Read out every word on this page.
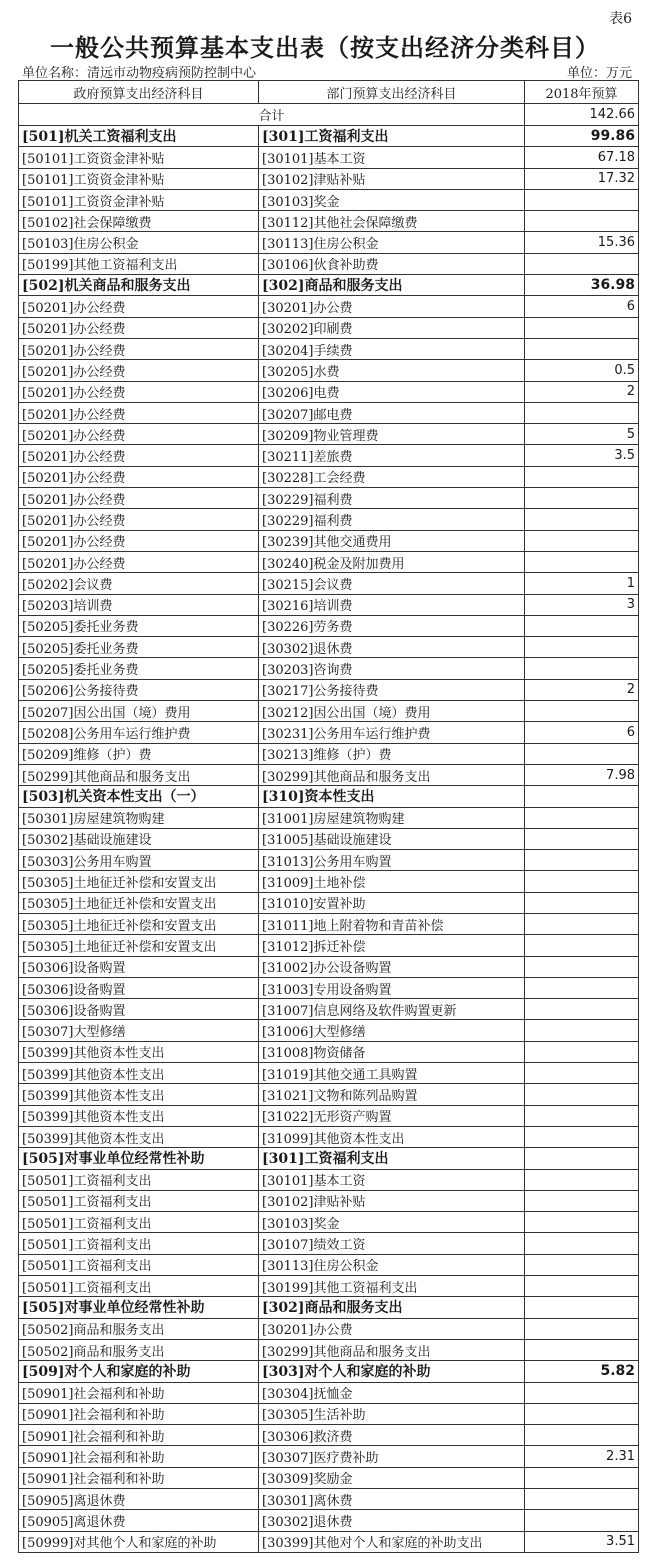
表6
一般公共预算基本支出表（按支出经济分类科目）
单位名称：清远市动物疫病预防控制中心	单位：万元
政府预算支出经济科目	部门预算支出经济科目	2018年预算
合计		142.66
[501]机关工资福利支出	[301]工资福利支出	99.86
[50101]工资资金津补贴	[30101]基本工资	67.18
[50101]工资资金津补贴	[30102]津贴补贴	17.32
[50101]工资资金津补贴	[30103]奖金	
[50102]社会保障缴费	[30112]其他社会保障缴费	
[50103]住房公积金	[30113]住房公积金	15.36
[50199]其他工资福利支出	[30106]伙食补助费	
[502]机关商品和服务支出	[302]商品和服务支出	36.98
[50201]办公经费	[30201]办公费	6
[50201]办公经费	[30202]印刷费	
[50201]办公经费	[30204]手续费	
[50201]办公经费	[30205]水费	0.5
[50201]办公经费	[30206]电费	2
[50201]办公经费	[30207]邮电费	
[50201]办公经费	[30209]物业管理费	5
[50201]办公经费	[30211]差旅费	3.5
[50201]办公经费	[30228]工会经费	
[50201]办公经费	[30229]福利费	
[50201]办公经费	[30229]福利费	
[50201]办公经费	[30239]其他交通费用	
[50201]办公经费	[30240]税金及附加费用	
[50202]会议费	[30215]会议费	1
[50203]培训费	[30216]培训费	3
[50205]委托业务费	[30226]劳务费	
[50205]委托业务费	[30302]退休费	
[50205]委托业务费	[30203]咨询费	
[50206]公务接待费	[30217]公务接待费	2
[50207]因公出国（境）费用	[30212]因公出国（境）费用	
[50208]公务用车运行维护费	[30231]公务用车运行维护费	6
[50209]维修（护）费	[30213]维修（护）费	
[50299]其他商品和服务支出	[30299]其他商品和服务支出	7.98
[503]机关资本性支出（一）	[310]资本性支出	
[50301]房屋建筑物购建	[31001]房屋建筑物购建	
[50302]基础设施建设	[31005]基础设施建设	
[50303]公务用车购置	[31013]公务用车购置	
[50305]土地征迁补偿和安置支出	[31009]土地补偿	
[50305]土地征迁补偿和安置支出	[31010]安置补助	
[50305]土地征迁补偿和安置支出	[31011]地上附着物和青苗补偿	
[50305]土地征迁补偿和安置支出	[31012]拆迁补偿	
[50306]设备购置	[31002]办公设备购置	
[50306]设备购置	[31003]专用设备购置	
[50306]设备购置	[31007]信息网络及软件购置更新	
[50307]大型修缮	[31006]大型修缮	
[50399]其他资本性支出	[31008]物资储备	
[50399]其他资本性支出	[31019]其他交通工具购置	
[50399]其他资本性支出	[31021]文物和陈列品购置	
[50399]其他资本性支出	[31022]无形资产购置	
[50399]其他资本性支出	[31099]其他资本性支出	
[505]对事业单位经常性补助	[301]工资福利支出	
[50501]工资福利支出	[30101]基本工资	
[50501]工资福利支出	[30102]津贴补贴	
[50501]工资福利支出	[30103]奖金	
[50501]工资福利支出	[30107]绩效工资	
[50501]工资福利支出	[30113]住房公积金	
[50501]工资福利支出	[30199]其他工资福利支出	
[505]对事业单位经常性补助	[302]商品和服务支出	
[50502]商品和服务支出	[30201]办公费	
[50502]商品和服务支出	[30299]其他商品和服务支出	
[509]对个人和家庭的补助	[303]对个人和家庭的补助	5.82
[50901]社会福利和补助	[30304]抚恤金	
[50901]社会福利和补助	[30305]生活补助	
[50901]社会福利和补助	[30306]救济费	
[50901]社会福利和补助	[30307]医疗费补助	2.31
[50901]社会福利和补助	[30309]奖励金	
[50905]离退休费	[30301]离休费	
[50905]离退休费	[30302]退休费	
[50999]对其他个人和家庭的补助	[30399]其他对个人和家庭的补助支出	3.51
